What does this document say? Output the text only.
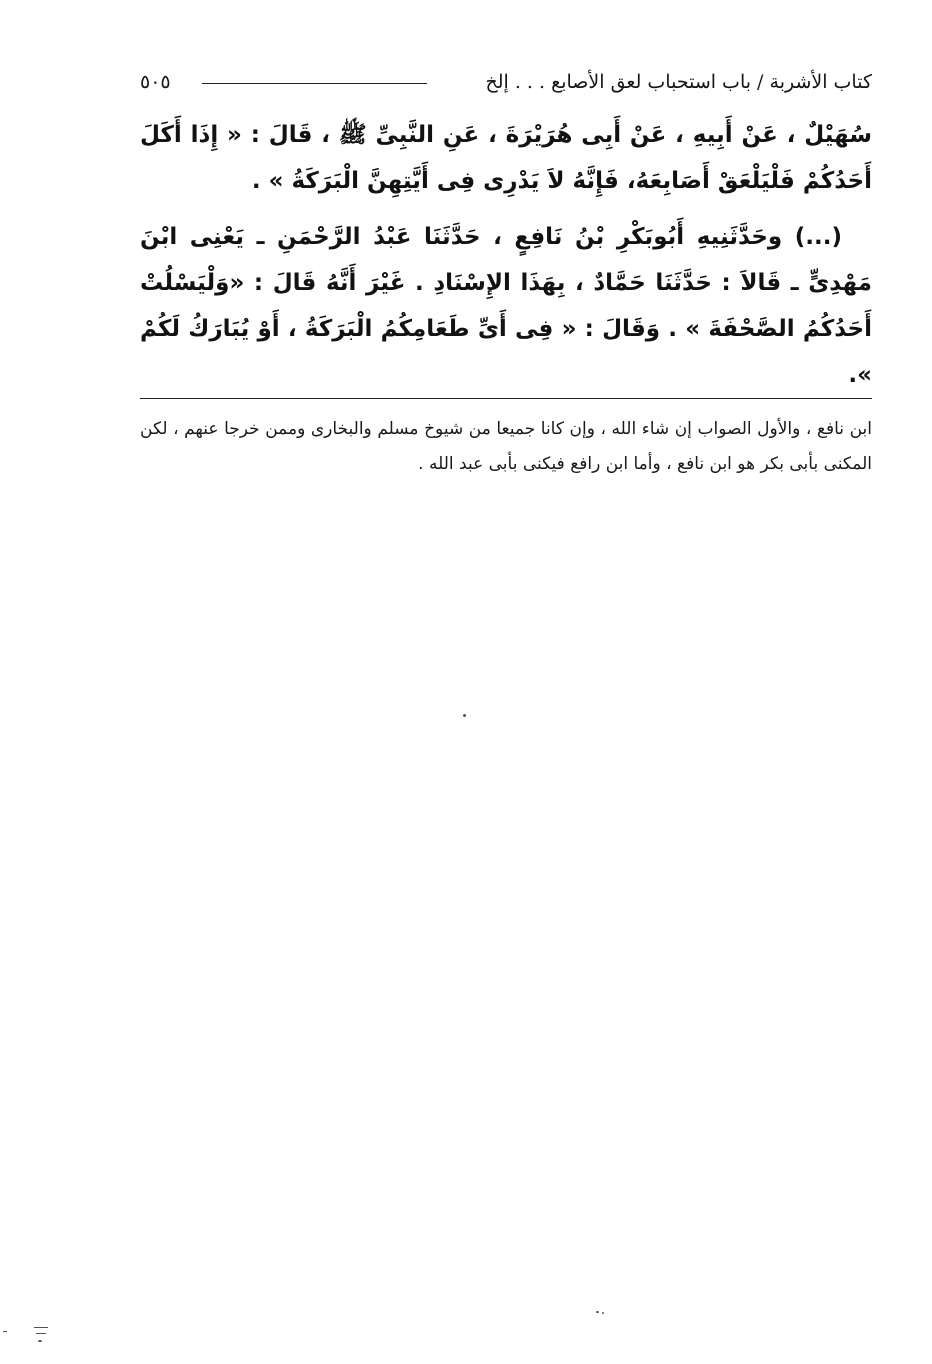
كتاب الأشربة / باب استحباب لعق الأصابع . . . إلخ
٥٠٥

سُهَيْلٌ ، عَنْ أَبِيهِ ، عَنْ أَبِى هُرَيْرَةَ ، عَنِ النَّبِىِّ ﷺ ، قَالَ : « إِذَا أَكَلَ أَحَدُكُمْ فَلْيَلْعَقْ أَصَابِعَهُ، فَإِنَّهُ لاَ يَدْرِى فِى أَيَّتِهِنَّ الْبَرَكَةُ » .

(...) وحَدَّثَنِيهِ أَبُوبَكْرِ بْنُ نَافِعٍ ، حَدَّثَنَا عَبْدُ الرَّحْمَنِ ـ يَعْنِى ابْنَ مَهْدِىٍّ ـ قَالاَ : حَدَّثَنَا حَمَّادٌ ، بِهَذَا الإِسْنَادِ . غَيْرَ أَنَّهُ قَالَ : «وَلْيَسْلُتْ أَحَدُكُمُ الصَّحْفَةَ » . وَقَالَ : « فِى أَىِّ طَعَامِكُمُ الْبَرَكَةُ ، أَوْ يُبَارَكُ لَكُمْ ».

ابن نافع ، والأول الصواب إن شاء الله ، وإن كانا جميعا من شيوخ مسلم والبخارى وممن خرجا عنهم ، لكن المكنى بأبى بكر هو ابن نافع ، وأما ابن رافع فيكنى بأبى عبد الله .
